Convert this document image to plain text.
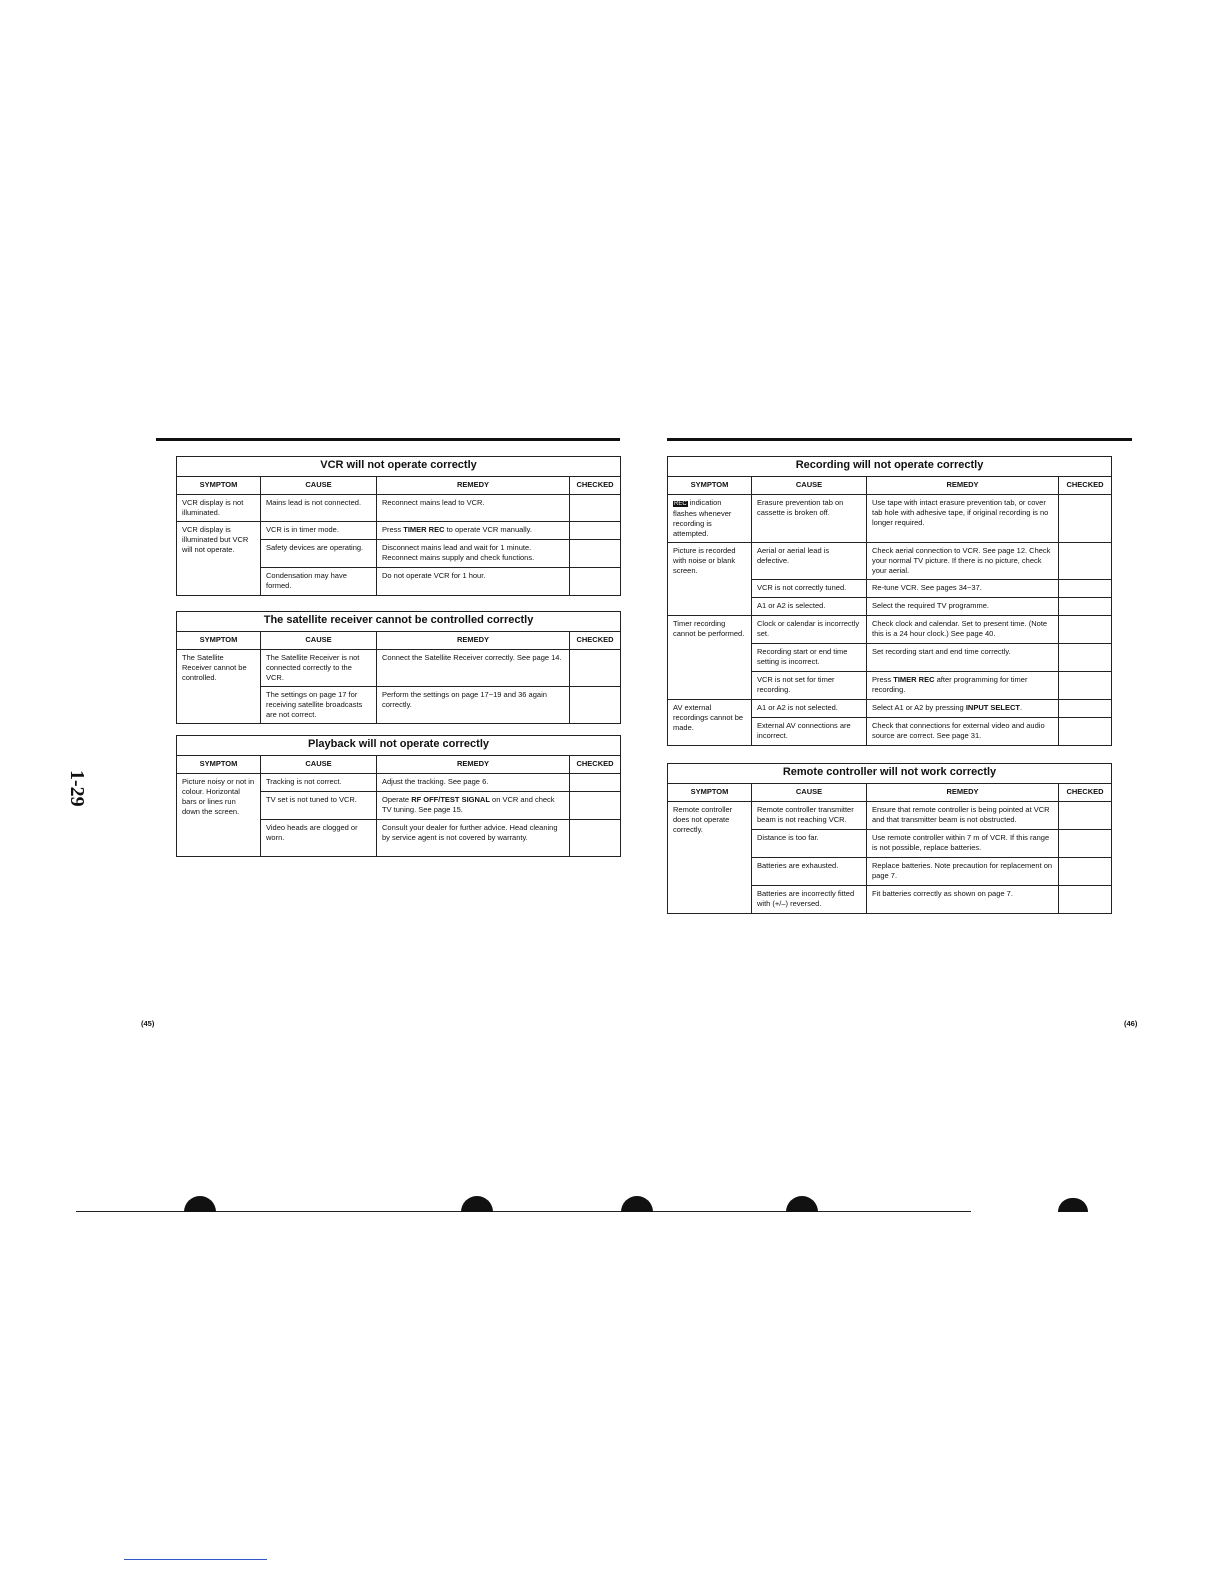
VCR will not operate correctly			
SYMPTOM	CAUSE	REMEDY	CHECKED
VCR display is not illuminated.	Mains lead is not connected.	Reconnect mains lead to VCR.	
VCR display is illuminated but VCR will not operate.	VCR is in timer mode.	Press TIMER REC to operate VCR manually.	
	Safety devices are operating.	Disconnect mains lead and wait for 1 minute. Reconnect mains supply and check functions.	
	Condensation may have formed.	Do not operate VCR for 1 hour.	
The satellite receiver cannot be controlled correctly			
SYMPTOM	CAUSE	REMEDY	CHECKED
The Satellite Receiver cannot be controlled.	The Satellite Receiver is not connected correctly to the VCR.	Connect the Satellite Receiver correctly. See page 14.	
	The settings on page 17 for receiving satellite broadcasts are not correct.	Perform the settings on page 17~19 and 36 again correctly.	
Playback will not operate correctly			
SYMPTOM	CAUSE	REMEDY	CHECKED
Picture noisy or not in colour. Horizontal bars or lines run down the screen.	Tracking is not correct.	Adjust the tracking. See page 6.	
	TV set is not tuned to VCR.	Operate RF OFF/TEST SIGNAL on VCR and check TV tuning. See page 15.	
	Video heads are clogged or worn.	Consult your dealer for further advice. Head cleaning by service agent is not covered by warranty.	
Recording will not operate correctly			
SYMPTOM	CAUSE	REMEDY	CHECKED
REC indication flashes whenever recording is attempted.	Erasure prevention tab on cassette is broken off.	Use tape with intact erasure prevention tab, or cover tab hole with adhesive tape, if original recording is no longer required.	
Picture is recorded with noise or blank screen.	Aerial or aerial lead is defective.	Check aerial connection to VCR. See page 12. Check your normal TV picture. If there is no picture, check your aerial.	
	VCR is not correctly tuned.	Re-tune VCR. See pages 34~37.	
	A1 or A2 is selected.	Select the required TV programme.	
Timer recording cannot be performed.	Clock or calendar is incorrectly set.	Check clock and calendar. Set to present time. (Note this is a 24 hour clock.) See page 40.	
	Recording start or end time setting is incorrect.	Set recording start and end time correctly.	
	VCR is not set for timer recording.	Press TIMER REC after programming for timer recording.	
AV external recordings cannot be made.	A1 or A2 is not selected.	Select A1 or A2 by pressing INPUT SELECT.	
	External AV connections are incorrect.	Check that connections for external video and audio source are correct. See page 31.	
Remote controller will not work correctly			
SYMPTOM	CAUSE	REMEDY	CHECKED
Remote controller does not operate correctly.	Remote controller transmitter beam is not reaching VCR.	Ensure that remote controller is being pointed at VCR and that transmitter beam is not obstructed.	
	Distance is too far.	Use remote controller within 7 m of VCR. If this range is not possible, replace batteries.	
	Batteries are exhausted.	Replace batteries. Note precaution for replacement on page 7.	
	Batteries are incorrectly fitted with (+/–) reversed.	Fit batteries correctly as shown on page 7.	
1-29
(45)	(46)
